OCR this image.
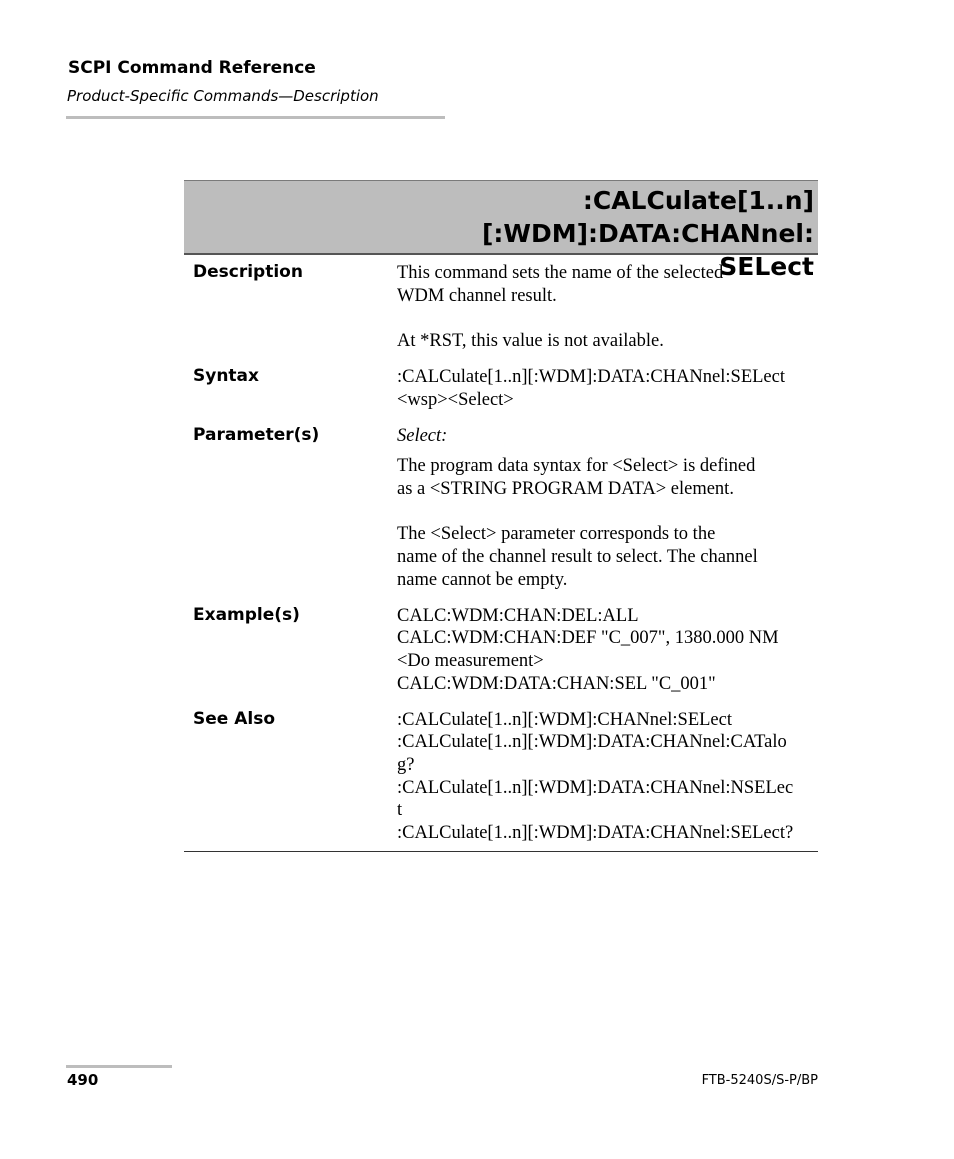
SCPI Command Reference
Product-Specific Commands—Description
:CALCulate[1..n][:WDM]:DATA:CHANnel:
SELect
Description	This command sets the name of the selected
WDM channel result.
At *RST, this value is not available.
Syntax	:CALCulate[1..n][:WDM]:DATA:CHANnel:SELect
<wsp><Select>
Parameter(s)	Select:
The program data syntax for <Select> is defined
as a <STRING PROGRAM DATA> element.
The <Select> parameter corresponds to the
name of the channel result to select. The channel
name cannot be empty.
Example(s)	CALC:WDM:CHAN:DEL:ALL
CALC:WDM:CHAN:DEF "C_007", 1380.000 NM
<Do measurement>
CALC:WDM:DATA:CHAN:SEL "C_001"
See Also	:CALCulate[1..n][:WDM]:CHANnel:SELect
:CALCulate[1..n][:WDM]:DATA:CHANnel:CATalo
g?
:CALCulate[1..n][:WDM]:DATA:CHANnel:NSELec
t
:CALCulate[1..n][:WDM]:DATA:CHANnel:SELect?
490	FTB-5240S/S-P/BP
